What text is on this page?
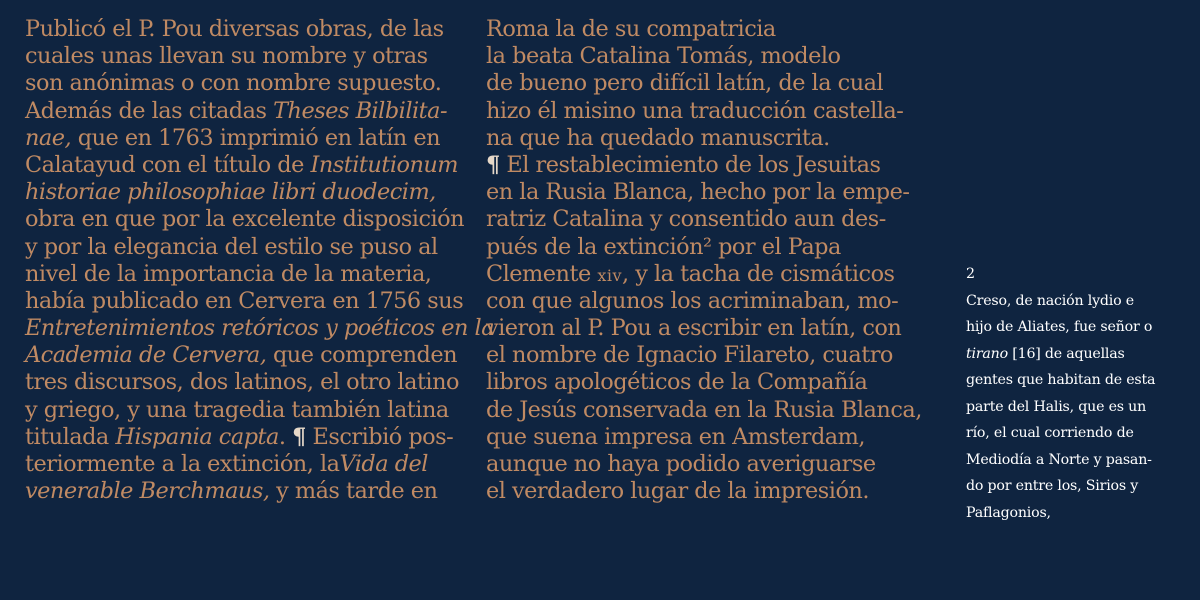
Publicó el P. Pou diversas obras, de las
cuales unas llevan su nombre y otras
son anónimas o con nombre supuesto.
Además de las citadas Theses Bilbilita-
nae, que en 1763 imprimió en latín en
Calatayud con el título de Institutionum
historiae philosophiae libri duodecim,
obra en que por la excelente disposición
y por la elegancia del estilo se puso al
nivel de la importancia de la materia,
había publicado en Cervera en 1756 sus
Entretenimientos retóricos y poéticos en la
Academia de Cervera, que comprenden
tres discursos, dos latinos, el otro latino
y griego, y una tragedia también latina
titulada Hispania capta. ¶ Escribió pos-
teriormente a la extinción, laVida del
venerable Berchmaus, y más tarde en
Roma la de su compatricia
la beata Catalina Tomás, modelo
de bueno pero difícil latín, de la cual
hizo él misino una traducción castella-
na que ha quedado manuscrita.
¶ El restablecimiento de los Jesuitas
en la Rusia Blanca, hecho por la empe-
ratriz Catalina y consentido aun des-
pués de la extinción² por el Papa
Clemente xiv, y la tacha de cismáticos
con que algunos los acriminaban, mo-
vieron al P. Pou a escribir en latín, con
el nombre de Ignacio Filareto, cuatro
libros apologéticos de la Compañía
de Jesús conservada en la Rusia Blanca,
que suena impresa en Amsterdam,
aunque no haya podido averiguarse
el verdadero lugar de la impresión.
2
Creso, de nación lydio e
hijo de Aliates, fue señor o
tirano [16] de aquellas
gentes que habitan de esta
parte del Halis, que es un
río, el cual corriendo de
Mediodía a Norte y pasan-
do por entre los, Sirios y
Paflagonios,
